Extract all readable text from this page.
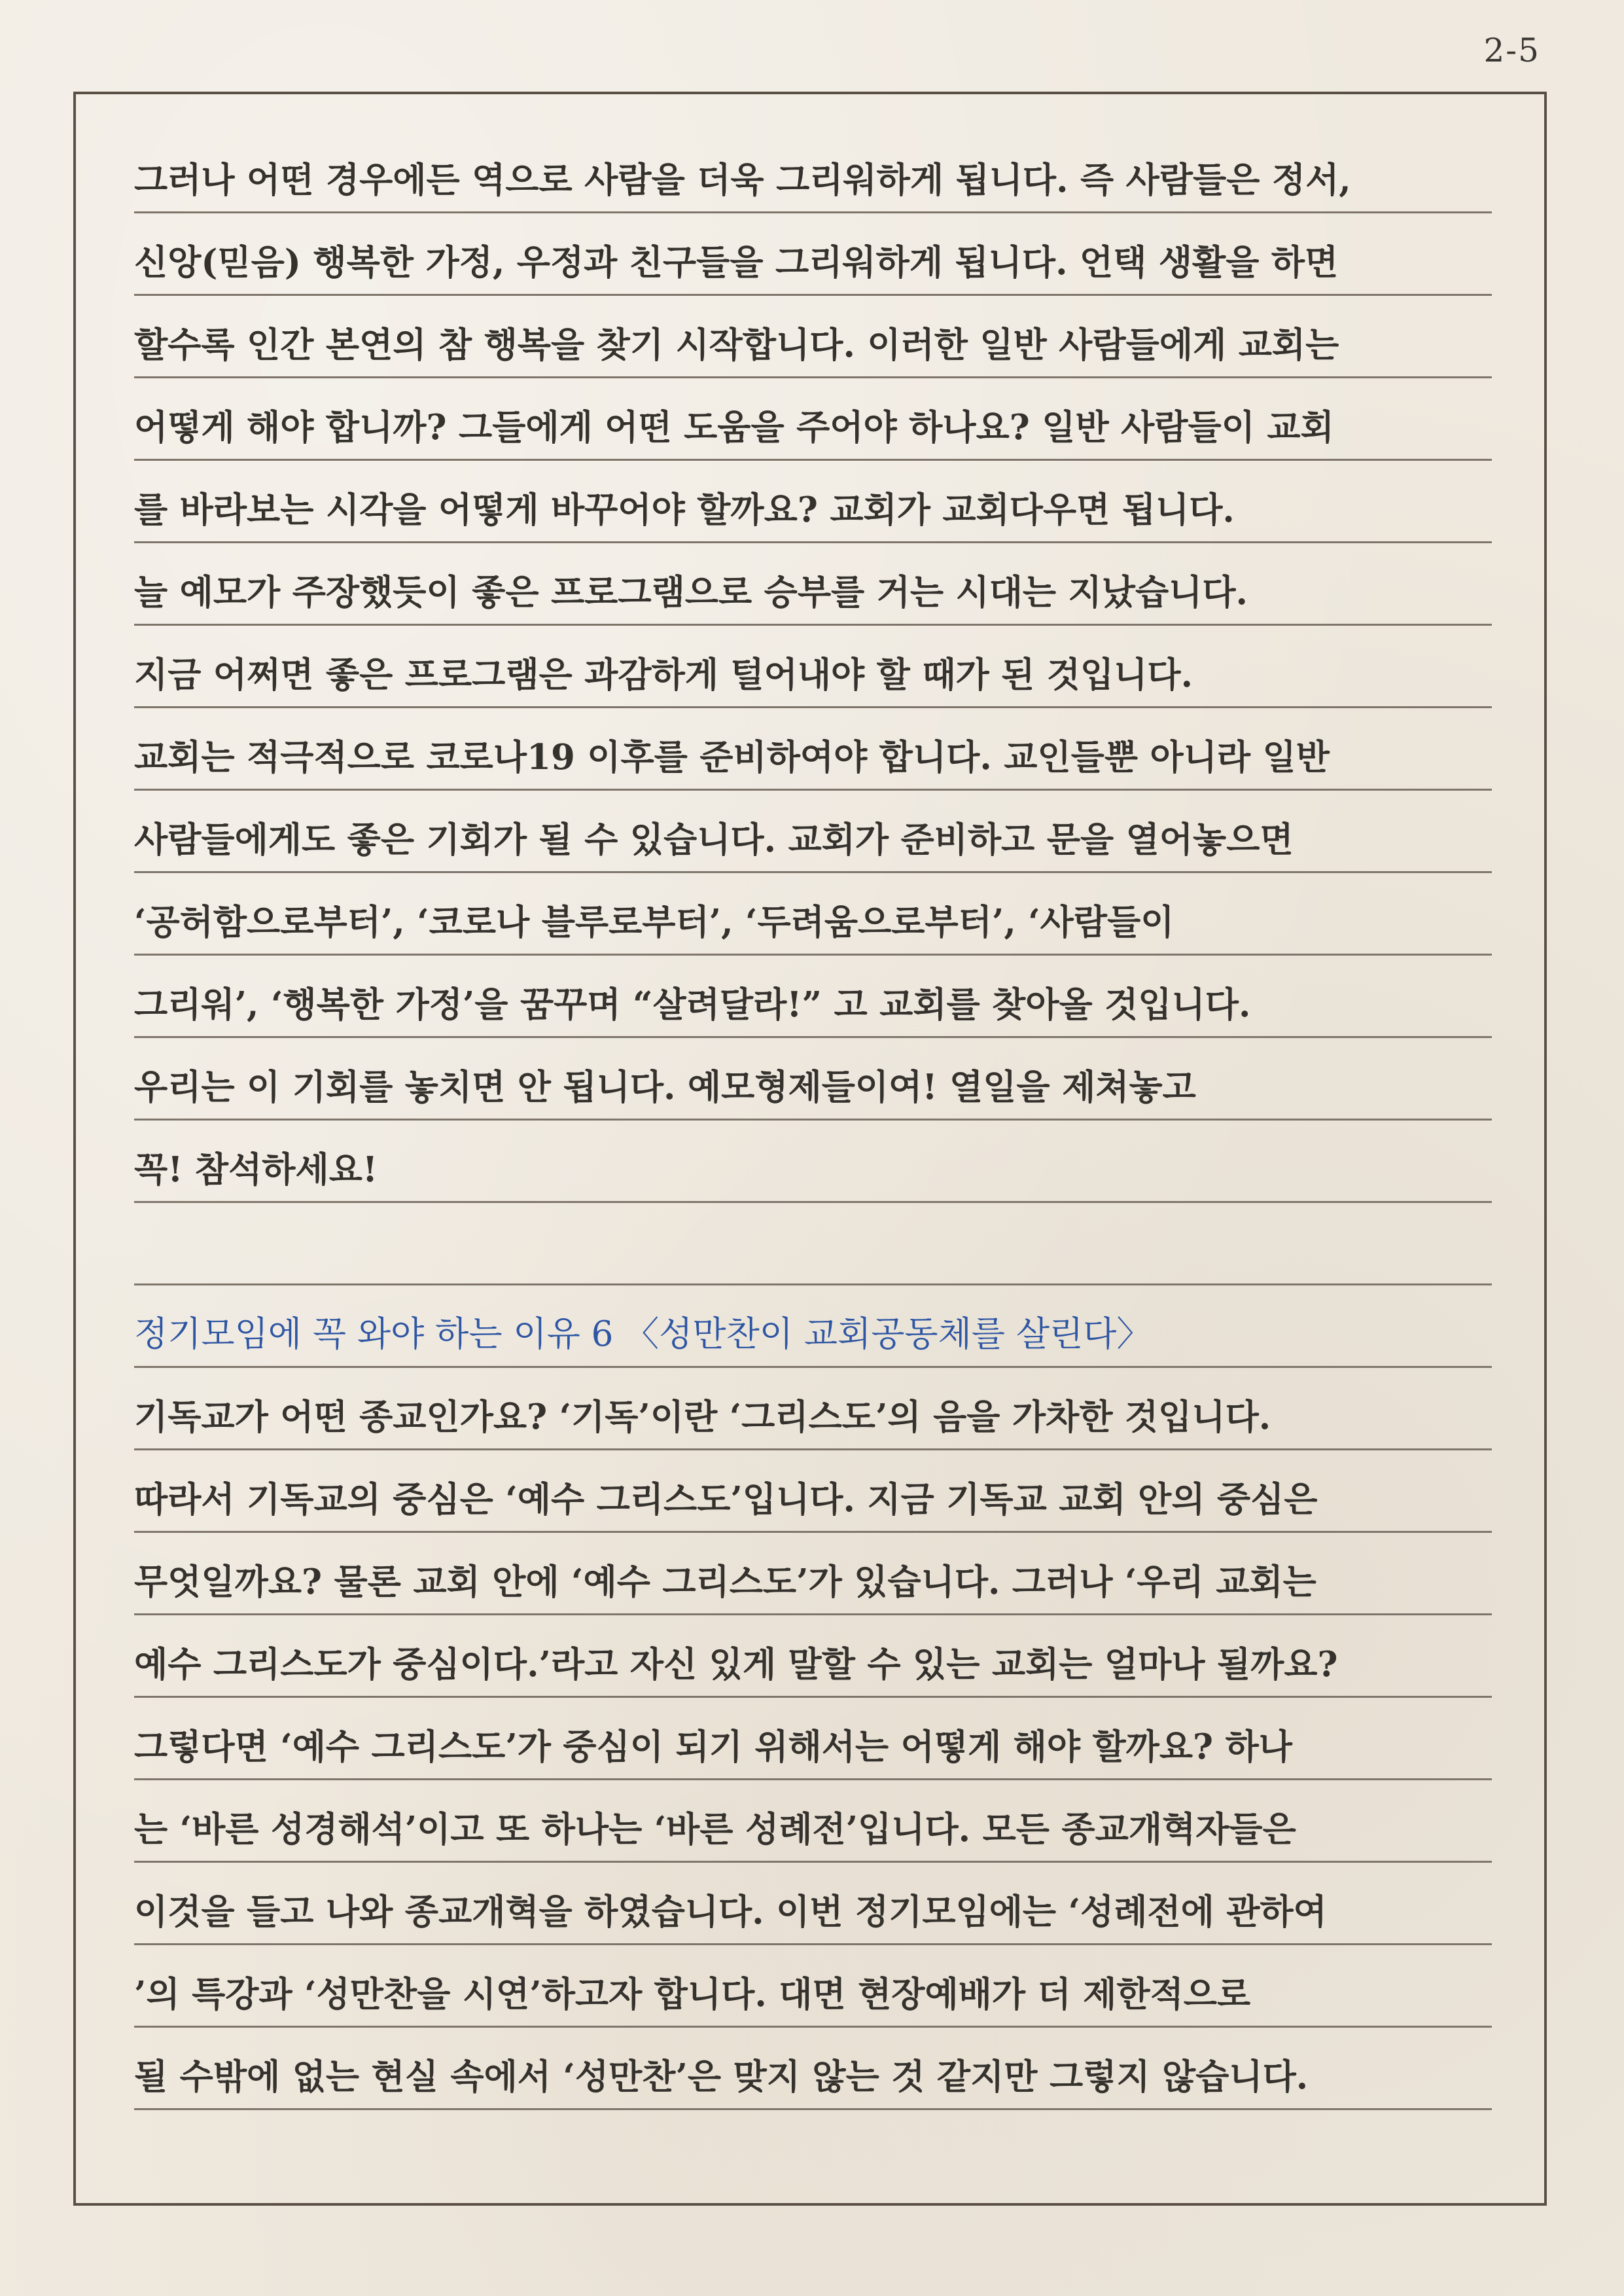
2-5
그러나 어떤 경우에든 역으로 사람을 더욱 그리워하게 됩니다. 즉 사람들은 정서,
신앙(믿음) 행복한 가정, 우정과 친구들을 그리워하게 됩니다. 언택 생활을 하면
할수록 인간 본연의 참 행복을 찾기 시작합니다. 이러한 일반 사람들에게 교회는
어떻게 해야 합니까? 그들에게 어떤 도움을 주어야 하나요? 일반 사람들이 교회
를 바라보는 시각을 어떻게 바꾸어야 할까요? 교회가 교회다우면 됩니다.
늘 예모가 주장했듯이 좋은 프로그램으로 승부를 거는 시대는 지났습니다.
지금 어쩌면 좋은 프로그램은 과감하게 털어내야 할 때가 된 것입니다.
교회는 적극적으로 코로나19 이후를 준비하여야 합니다. 교인들뿐 아니라 일반
사람들에게도 좋은 기회가 될 수 있습니다. 교회가 준비하고 문을 열어놓으면
‘공허함으로부터’, ‘코로나 블루로부터’, ‘두려움으로부터’, ‘사람들이
그리워’, ‘행복한 가정’을 꿈꾸며 “살려달라!” 고 교회를 찾아올 것입니다.
우리는 이 기회를 놓치면 안 됩니다. 예모형제들이여! 열일을 제쳐놓고
꼭! 참석하세요!
정기모임에 꼭 와야 하는 이유 6 〈성만찬이 교회공동체를 살린다〉
기독교가 어떤 종교인가요? ‘기독’이란 ‘그리스도’의 음을 가차한 것입니다.
따라서 기독교의 중심은 ‘예수 그리스도’입니다. 지금 기독교 교회 안의 중심은
무엇일까요? 물론 교회 안에 ‘예수 그리스도’가 있습니다. 그러나 ‘우리 교회는
예수 그리스도가 중심이다.’라고 자신 있게 말할 수 있는 교회는 얼마나 될까요?
그렇다면 ‘예수 그리스도’가 중심이 되기 위해서는 어떻게 해야 할까요? 하나
는 ‘바른 성경해석’이고 또 하나는 ‘바른 성례전’입니다. 모든 종교개혁자들은
이것을 들고 나와 종교개혁을 하였습니다. 이번 정기모임에는 ‘성례전에 관하여
’의 특강과 ‘성만찬을 시연’하고자 합니다. 대면 현장예배가 더 제한적으로
될 수밖에 없는 현실 속에서 ‘성만찬’은 맞지 않는 것 같지만 그렇지 않습니다.
